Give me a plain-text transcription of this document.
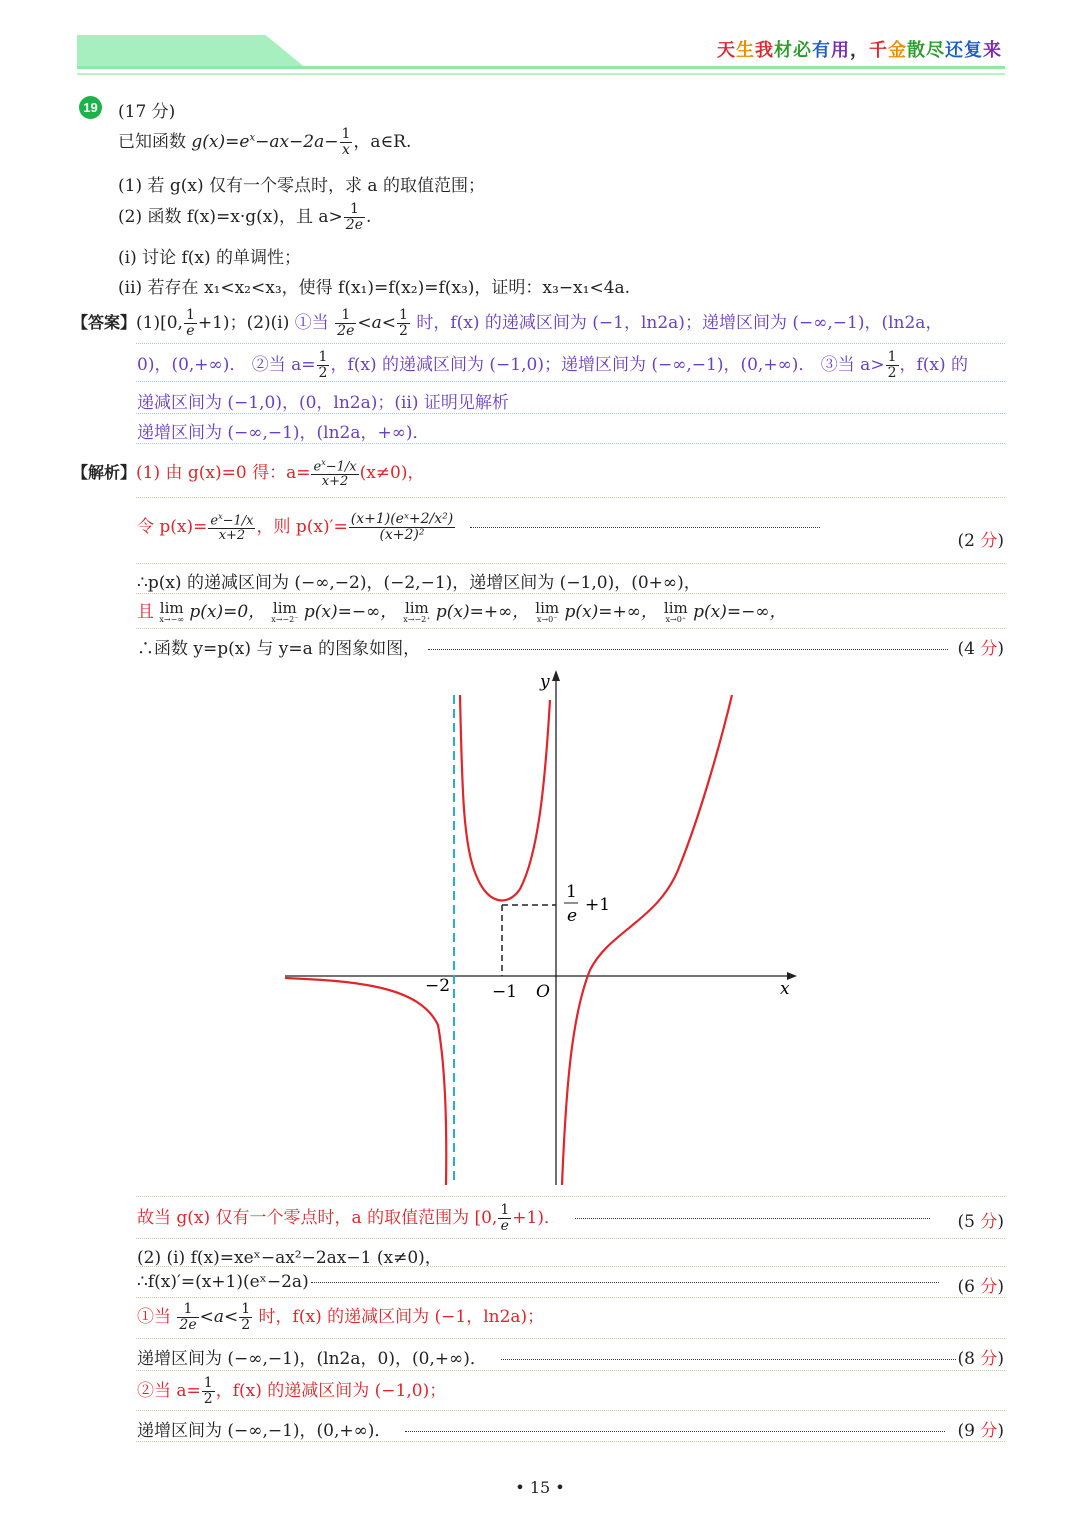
天生我材必有用，千金散尽还复来
19 (17 分)
已知函数 $g(x)=e^x-ax-2a- \frac{1}{x}$ ，a∈R.
(1) 若 g(x) 仅有一个零点时，求 a 的取值范围；
(2) 函数 f(x)=x·g(x)，且 $a> \frac{1}{2e}$ .
(i) 讨论 f(x) 的单调性；
(ii) 若存在 x₁<x₂<x₃，使得 f(x₁)=f(x₂)=f(x₃)，证明：x₃−x₁<4a.
【答案】(1)[0, $\frac{1}{e} +1$)；(2)(i) ①当 $\frac{1}{2e} <a< \frac{1}{2}$ 时，f(x) 的递减区间为 (−1，ln2a)；递增区间为 (−∞,−1)，(ln2a，
0)，(0,+∞)． ②当 $a= \frac{1}{2}$ ，f(x) 的递减区间为 (−1,0)；递增区间为 (−∞,−1)，(0,+∞)． ③当 $a> \frac{1}{2}$ ，f(x) 的
递减区间为 (−1,0)，(0，ln2a)；(ii) 证明见解析
递增区间为 (−∞,−1)，(ln2a，+∞)．
【解析】(1) 由 g(x)=0 得：$a= \frac{e^x-1/x}{x+2} (x\ne 0)$，
令 $p(x)= \frac{e^x-1/x}{x+2}$ ，则 $p(x)'= \frac{\text{(x+1)(eˣ+2/x²)}}{\text{(x+2)²}}$	(2 分)
∴p(x) 的递减区间为 (−∞,−2)，(−2,−1)，递增区间为 (−1,0)，(0+∞)，
且 lim
x→−∞ p(x)=0， lim
x→−2⁻ p(x)=−∞， lim
x→−2⁺ p(x)=+∞， lim
x→0⁻ p(x)=+∞， lim
x→0⁺ p(x)=−∞，
∴函数 y=p(x) 与 y=a 的图象如图，	(4 分)
y
x
O
−2 −1
1
e
+1
故当 g(x) 仅有一个零点时，a 的取值范围为 [0, $\frac{1}{e} +1$)．	(5 分)
(2) (i) f(x)=xeˣ−ax²−2ax−1 (x≠0)，
∴f(x)′=(x+1)(eˣ−2a)	(6 分)
①当 $\frac{1}{2e} <a< \frac{1}{2}$ 时，f(x) 的递减区间为 (−1，ln2a)；
递增区间为 (−∞,−1)，(ln2a，0)，(0,+∞)．	(8 分)
②当 $a= \frac{1}{2}$ ，f(x) 的递减区间为 (−1,0)；
递增区间为 (−∞,−1)，(0,+∞)．	(9 分)
• 15 •
